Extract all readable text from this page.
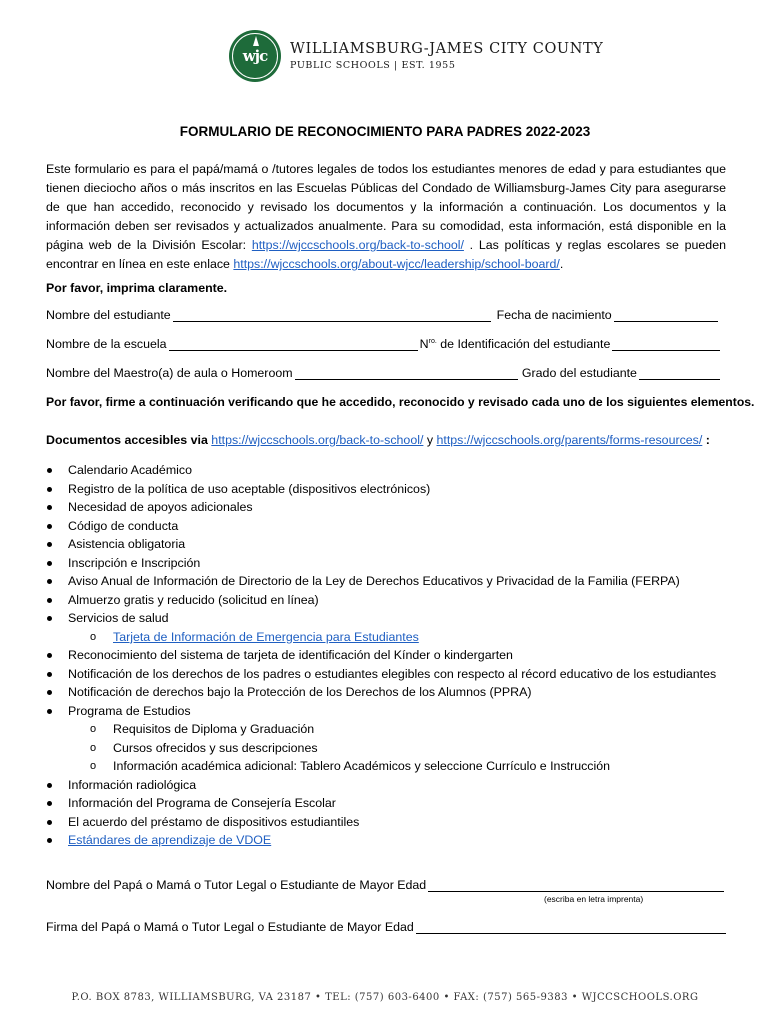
wjc	WILLIAMSBURG-JAMES CITY COUNTY
PUBLIC SCHOOLS | EST. 1955
FORMULARIO DE RECONOCIMIENTO PARA PADRES 2022-2023
Este formulario es para el papá/mamá o /tutores legales de todos los estudiantes menores de edad y para estudiantes que tienen dieciocho años o más inscritos en las Escuelas Públicas del Condado de Williamsburg-James City para asegurarse de que han accedido, reconocido y revisado los documentos y la información a continuación. Los documentos y la información deben ser revisados y actualizados anualmente. Para su comodidad, esta información, está disponible en la página web de la División Escolar: https://wjccschools.org/back-to-school/ . Las políticas y reglas escolares se pueden encontrar en línea en este enlace https://wjccschools.org/about-wjcc/leadership/school-board/.
Por favor, imprima claramente.
Nombre del estudiante	Fecha de nacimiento
Nombre de la escuela	$N^{ro.}$ de Identificación del estudiante
Nombre del Maestro(a) de aula o Homeroom	Grado del estudiante
Por favor, firme a continuación verificando que he accedido, reconocido y revisado cada uno de los siguientes elementos.
Documentos accesibles via https://wjccschools.org/back-to-school/ y https://wjccschools.org/parents/forms-resources/ :
Calendario Académico
Registro de la política de uso aceptable (dispositivos electrónicos)
Necesidad de apoyos adicionales
Código de conducta
Asistencia obligatoria
Inscripción e Inscripción
Aviso Anual de Información de Directorio de la Ley de Derechos Educativos y Privacidad de la Familia (FERPA)
Almuerzo gratis y reducido (solicitud en línea)
Servicios de salud
o Tarjeta de Información de Emergencia para Estudiantes
Reconocimiento del sistema de tarjeta de identificación del Kínder o kindergarten
Notificación de los derechos de los padres o estudiantes elegibles con respecto al récord educativo de los estudiantes
Notificación de derechos bajo la Protección de los Derechos de los Alumnos (PPRA)
Programa de Estudios
o Requisitos de Diploma y Graduación
o Cursos ofrecidos y sus descripciones
o Información académica adicional: Tablero Académicos y seleccione Currículo e Instrucción
Información radiológica
Información del Programa de Consejería Escolar
El acuerdo del préstamo de dispositivos estudiantiles
Estándares de aprendizaje de VDOE
Nombre del Papá o Mamá o Tutor Legal o Estudiante de Mayor Edad
(escriba en letra imprenta)
Firma del Papá o Mamá o Tutor Legal o Estudiante de Mayor Edad
P.O. BOX 8783, WILLIAMSBURG, VA 23187 • TEL: (757) 603-6400 • FAX: (757) 565-9383 • WJCCSCHOOLS.ORG
